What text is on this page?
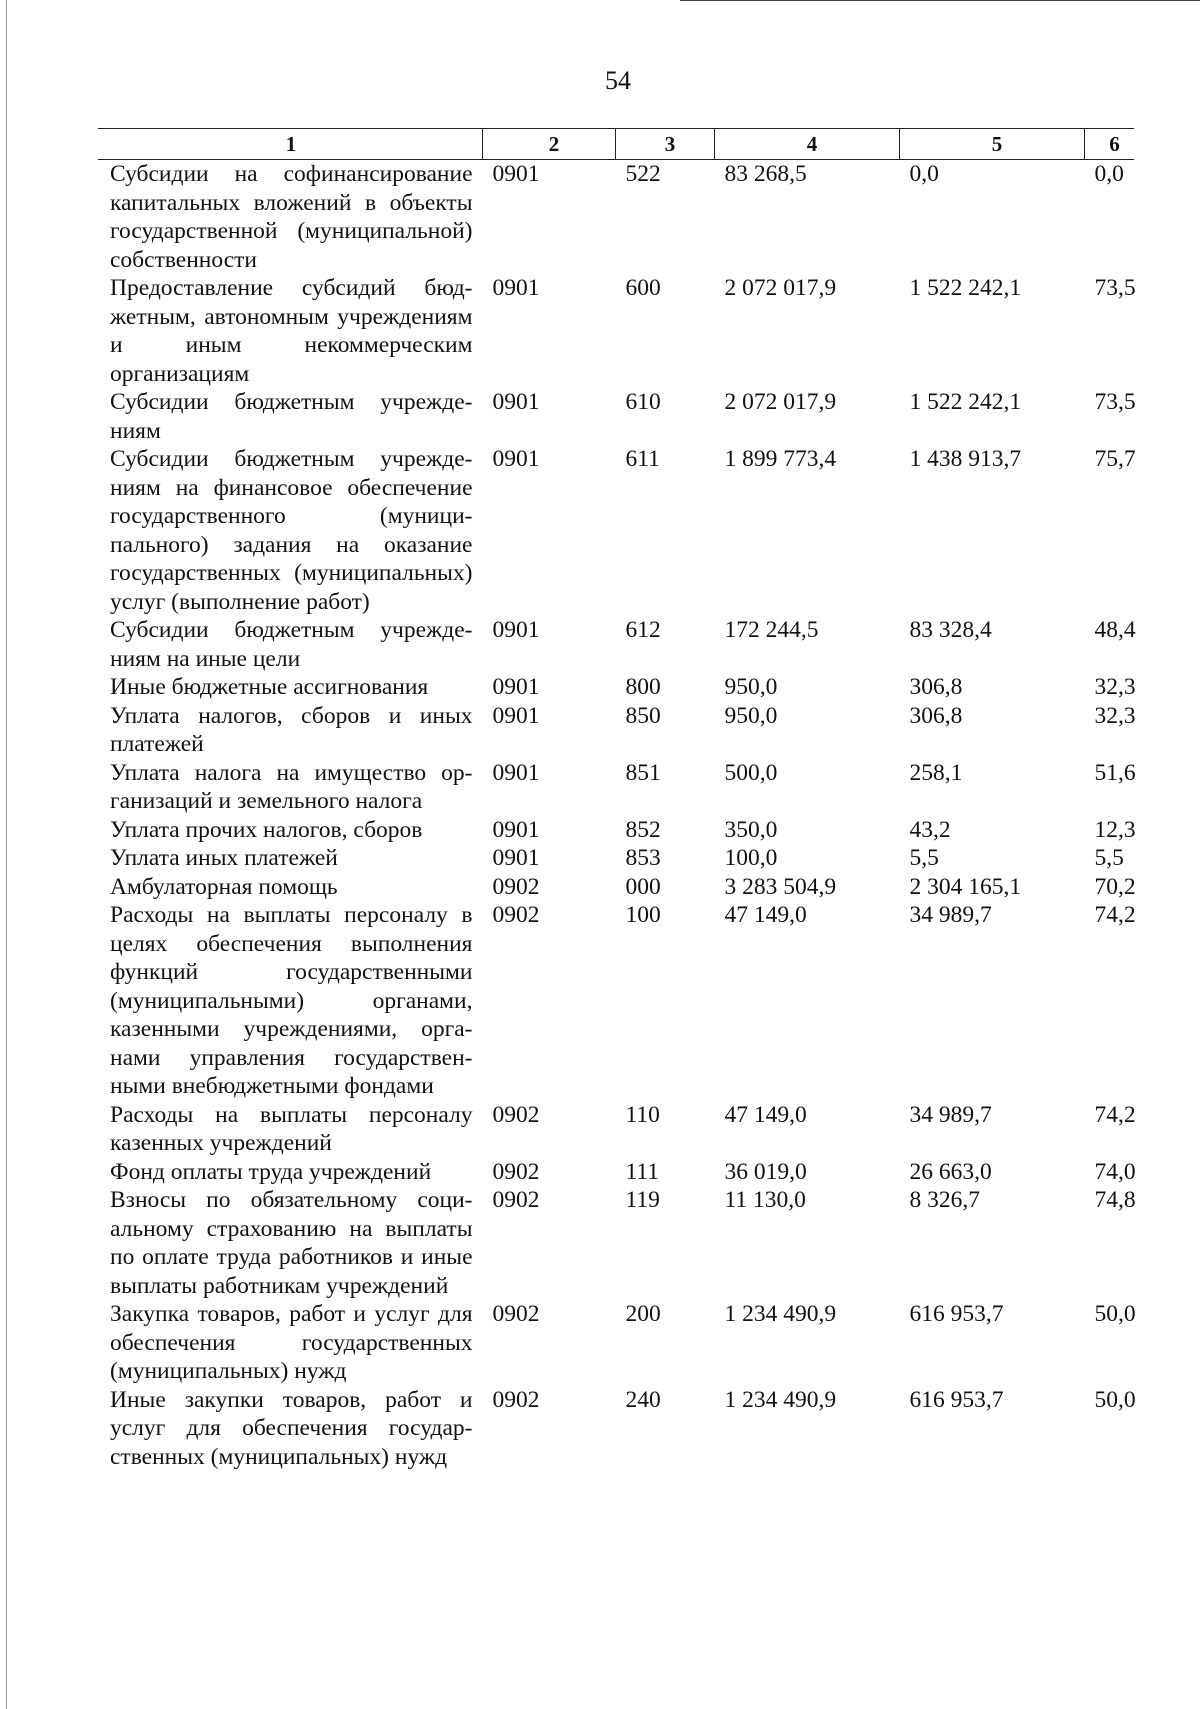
54
1	2	3	4	5	6
Субсидии на софинансирование капитальных вложений в объекты государственной (муниципальной) собственности	0901	522	83 268,5	0,0	0,0
Предоставление субсидий бюджетным, автономным учреждениям и иным некоммерческим организациям	0901	600	2 072 017,9	1 522 242,1	73,5
Субсидии бюджетным учреждениям	0901	610	2 072 017,9	1 522 242,1	73,5
Субсидии бюджетным учреждениям на финансовое обеспечение государственного (муниципального) задания на оказание государственных (муниципальных) услуг (выполнение работ)	0901	611	1 899 773,4	1 438 913,7	75,7
Субсидии бюджетным учреждениям на иные цели	0901	612	172 244,5	83 328,4	48,4
Иные бюджетные ассигнования	0901	800	950,0	306,8	32,3
Уплата налогов, сборов и иных платежей	0901	850	950,0	306,8	32,3
Уплата налога на имущество организаций и земельного налога	0901	851	500,0	258,1	51,6
Уплата прочих налогов, сборов	0901	852	350,0	43,2	12,3
Уплата иных платежей	0901	853	100,0	5,5	5,5
Амбулаторная помощь	0902	000	3 283 504,9	2 304 165,1	70,2
Расходы на выплаты персоналу в целях обеспечения выполнения функций государственными (муниципальными) органами, казенными учреждениями, органами управления государственными внебюджетными фондами	0902	100	47 149,0	34 989,7	74,2
Расходы на выплаты персоналу казенных учреждений	0902	110	47 149,0	34 989,7	74,2
Фонд оплаты труда учреждений	0902	111	36 019,0	26 663,0	74,0
Взносы по обязательному социальному страхованию на выплаты по оплате труда работников и иные выплаты работникам учреждений	0902	119	11 130,0	8 326,7	74,8
Закупка товаров, работ и услуг для обеспечения государственных (муниципальных) нужд	0902	200	1 234 490,9	616 953,7	50,0
Иные закупки товаров, работ и услуг для обеспечения государственных (муниципальных) нужд	0902	240	1 234 490,9	616 953,7	50,0
